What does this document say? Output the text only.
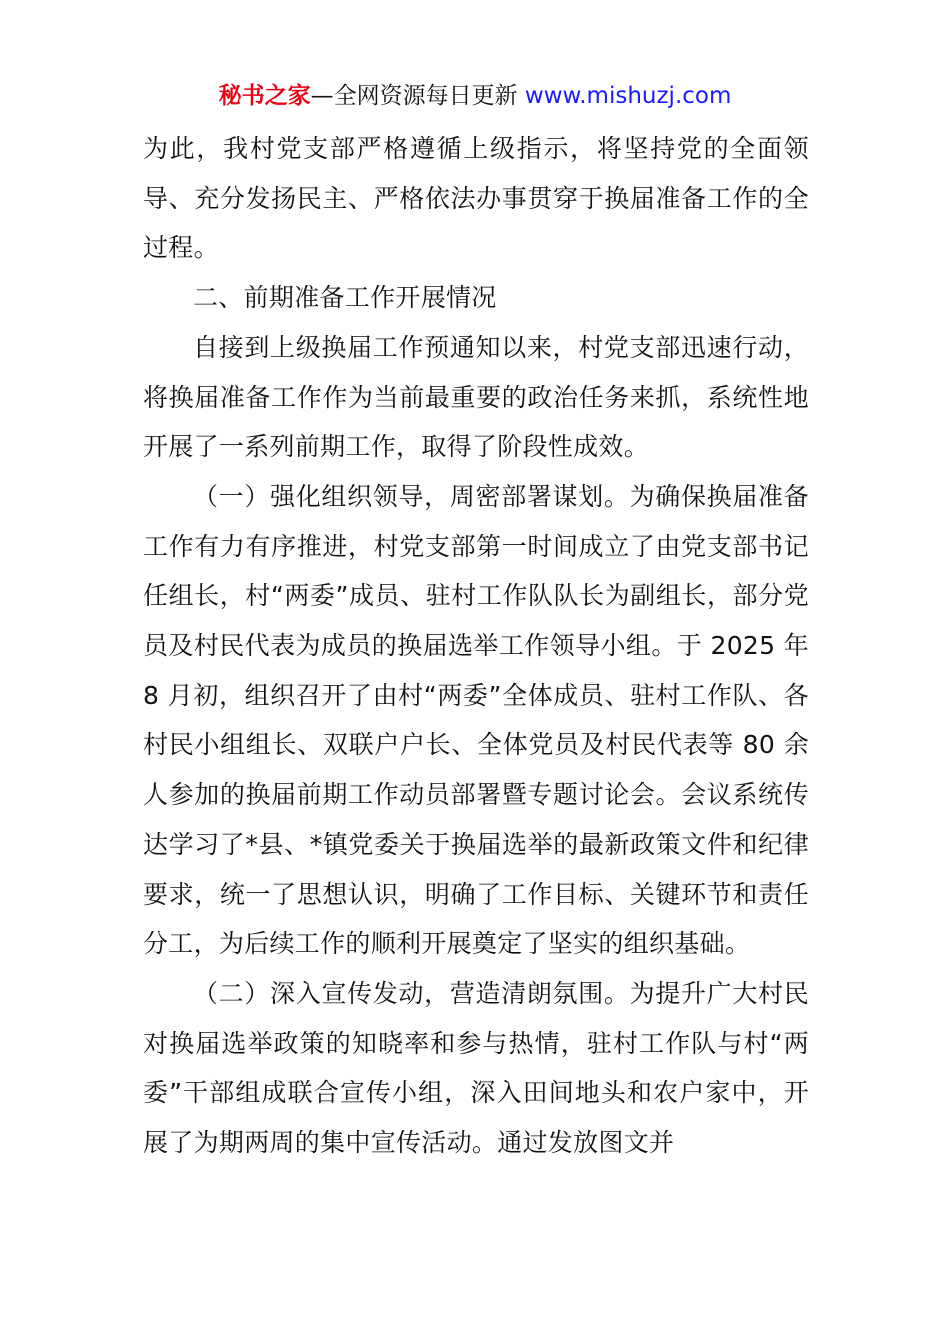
秘书之家—全网资源每日更新 www.mishuzj.com

为此，我村党支部严格遵循上级指示，将坚持党的全面领导、充分发扬民主、严格依法办事贯穿于换届准备工作的全过程。

二、前期准备工作开展情况

自接到上级换届工作预通知以来，村党支部迅速行动，将换届准备工作作为当前最重要的政治任务来抓，系统性地开展了一系列前期工作，取得了阶段性成效。

（一）强化组织领导，周密部署谋划。为确保换届准备工作有力有序推进，村党支部第一时间成立了由党支部书记任组长，村“两委”成员、驻村工作队队长为副组长，部分党员及村民代表为成员的换届选举工作领导小组。于 2025 年 8 月初，组织召开了由村“两委”全体成员、驻村工作队、各村民小组组长、双联户户长、全体党员及村民代表等 80 余人参加的换届前期工作动员部署暨专题讨论会。会议系统传达学习了*县、*镇党委关于换届选举的最新政策文件和纪律要求，统一了思想认识，明确了工作目标、关键环节和责任分工，为后续工作的顺利开展奠定了坚实的组织基础。

（二）深入宣传发动，营造清朗氛围。为提升广大村民对换届选举政策的知晓率和参与热情，驻村工作队与村“两委”干部组成联合宣传小组，深入田间地头和农户家中，开展了为期两周的集中宣传活动。通过发放图文并
